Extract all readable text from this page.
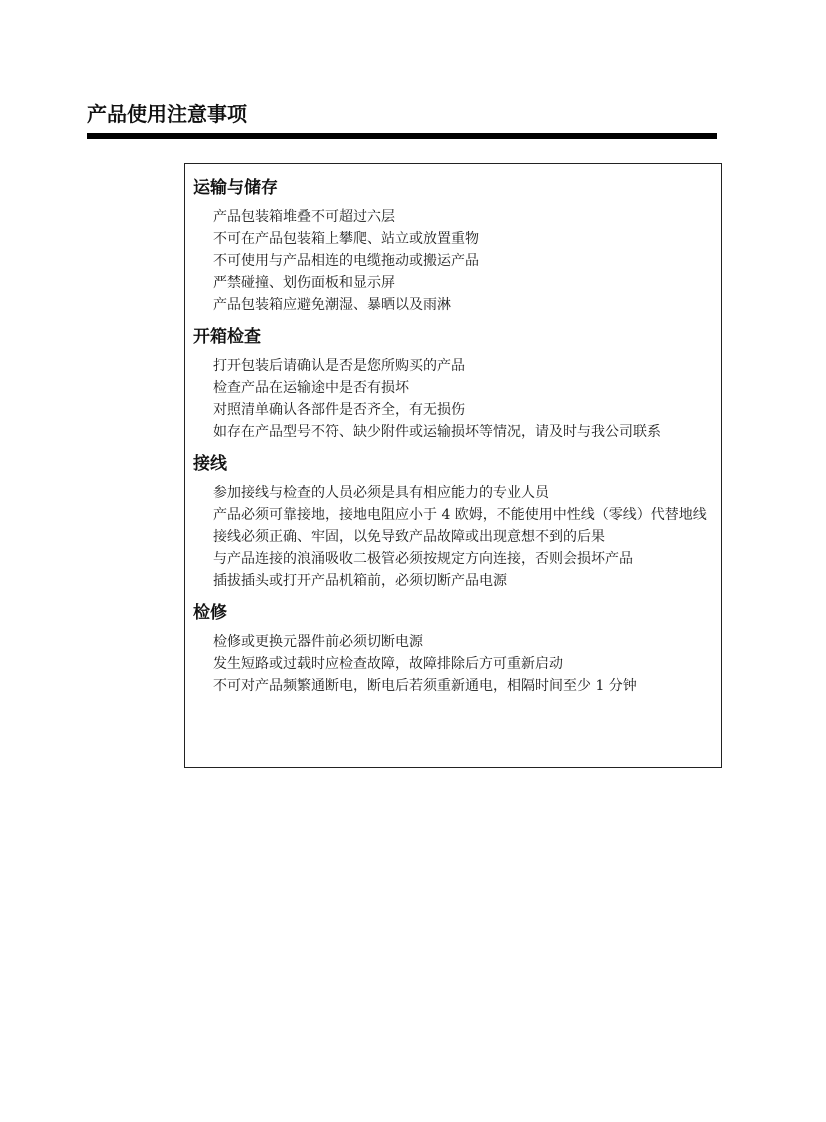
产品使用注意事项
运输与储存
产品包装箱堆叠不可超过六层
不可在产品包装箱上攀爬、站立或放置重物
不可使用与产品相连的电缆拖动或搬运产品
严禁碰撞、划伤面板和显示屏
产品包装箱应避免潮湿、暴晒以及雨淋
开箱检查
打开包装后请确认是否是您所购买的产品
检查产品在运输途中是否有损坏
对照清单确认各部件是否齐全，有无损伤
如存在产品型号不符、缺少附件或运输损坏等情况，请及时与我公司联系
接线
参加接线与检查的人员必须是具有相应能力的专业人员
产品必须可靠接地，接地电阻应小于 4 欧姆，不能使用中性线（零线）代替地线
接线必须正确、牢固，以免导致产品故障或出现意想不到的后果
与产品连接的浪涌吸收二极管必须按规定方向连接，否则会损坏产品
插拔插头或打开产品机箱前，必须切断产品电源
检修
检修或更换元器件前必须切断电源
发生短路或过载时应检查故障，故障排除后方可重新启动
不可对产品频繁通断电，断电后若须重新通电，相隔时间至少 1 分钟
